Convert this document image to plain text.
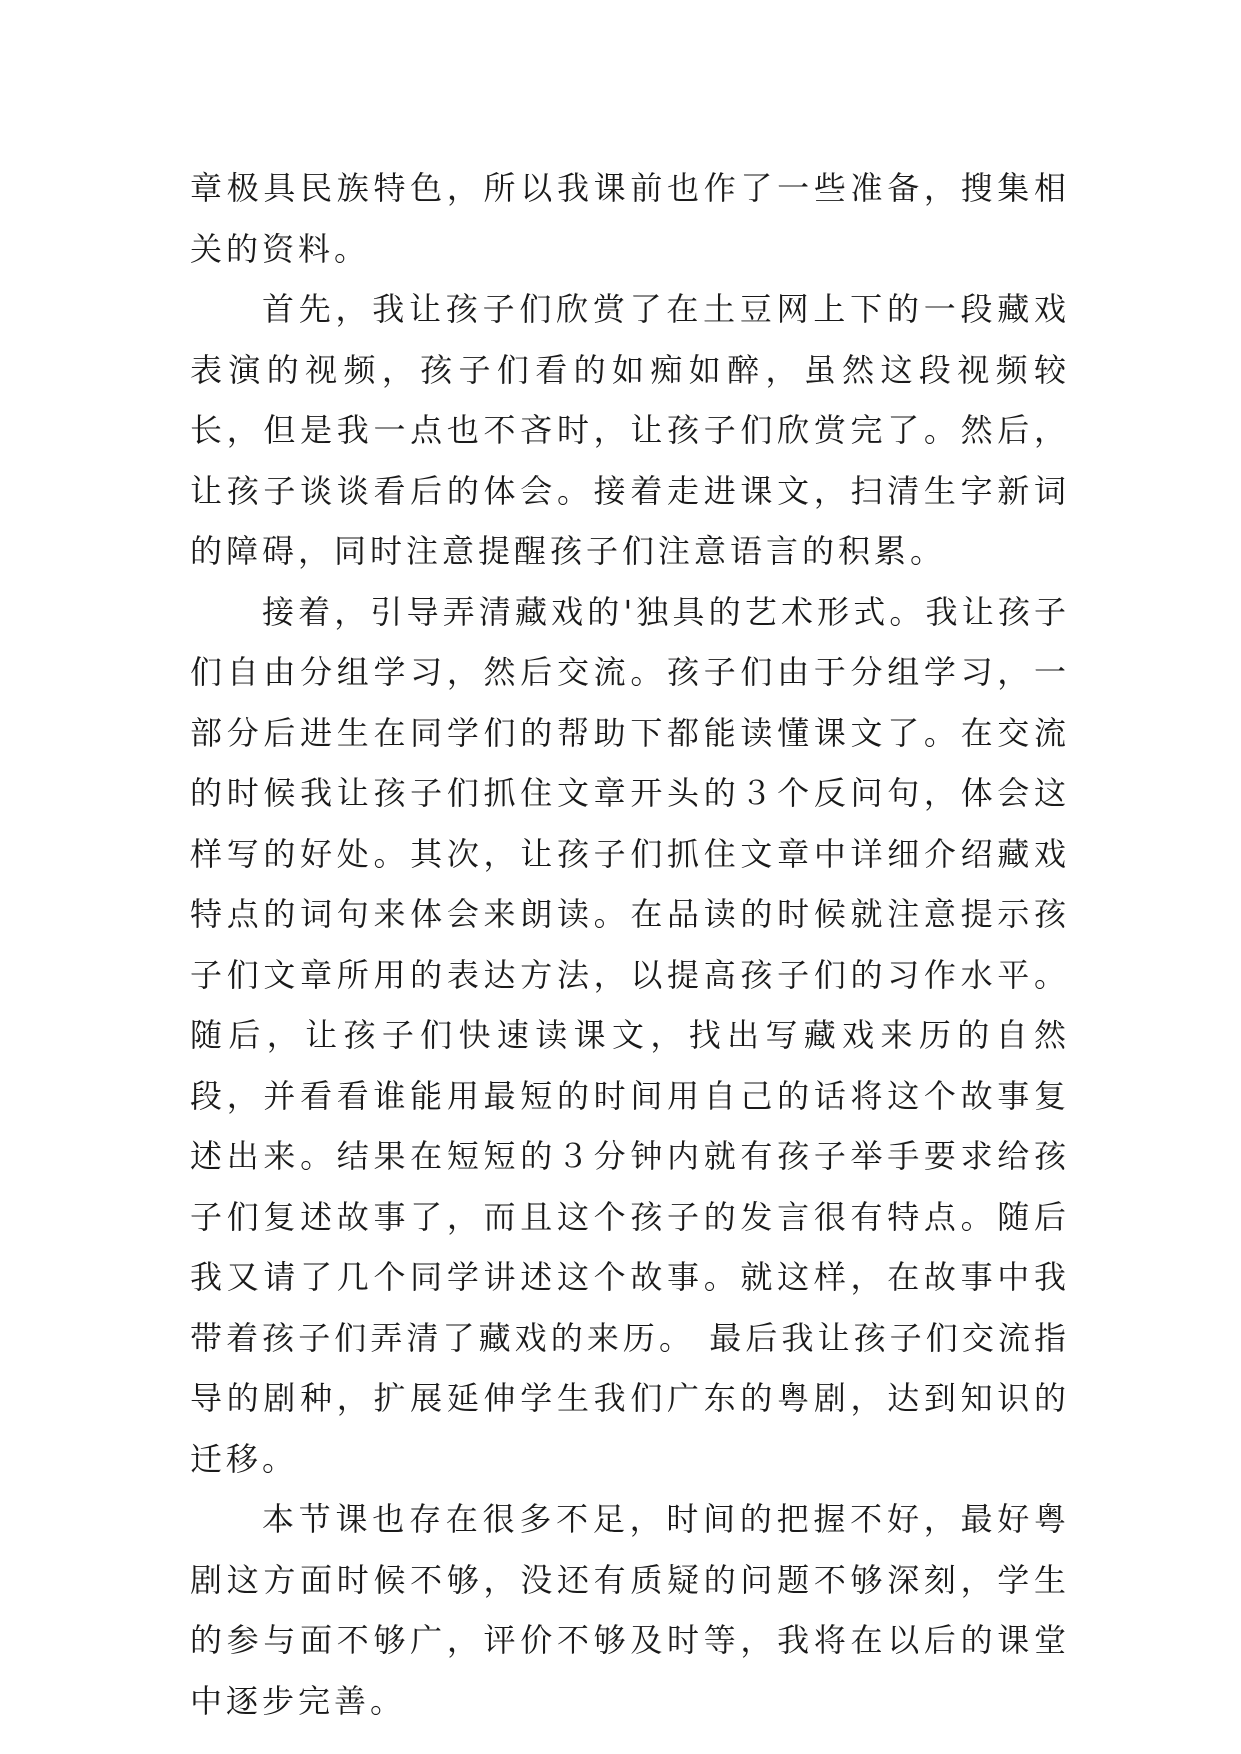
章极具民族特色，所以我课前也作了一些准备，搜集相关的资料。

首先，我让孩子们欣赏了在土豆网上下的一段藏戏表演的视频，孩子们看的如痴如醉，虽然这段视频较长，但是我一点也不吝时，让孩子们欣赏完了。然后，让孩子谈谈看后的体会。接着走进课文，扫清生字新词的障碍，同时注意提醒孩子们注意语言的积累。

接着，引导弄清藏戏的'独具的艺术形式。我让孩子们自由分组学习，然后交流。孩子们由于分组学习，一部分后进生在同学们的帮助下都能读懂课文了。在交流的时候我让孩子们抓住文章开头的３个反问句，体会这样写的好处。其次，让孩子们抓住文章中详细介绍藏戏特点的词句来体会来朗读。在品读的时候就注意提示孩子们文章所用的表达方法，以提高孩子们的习作水平。 随后，让孩子们快速读课文，找出写藏戏来历的自然段，并看看谁能用最短的时间用自己的话将这个故事复述出来。结果在短短的３分钟内就有孩子举手要求给孩子们复述故事了，而且这个孩子的发言很有特点。随后我又请了几个同学讲述这个故事。就这样，在故事中我带着孩子们弄清了藏戏的来历。 最后我让孩子们交流指导的剧种，扩展延伸学生我们广东的粤剧，达到知识的迁移。

本节课也存在很多不足，时间的把握不好，最好粤剧这方面时候不够，没还有质疑的问题不够深刻，学生的参与面不够广，评价不够及时等，我将在以后的课堂中逐步完善。
